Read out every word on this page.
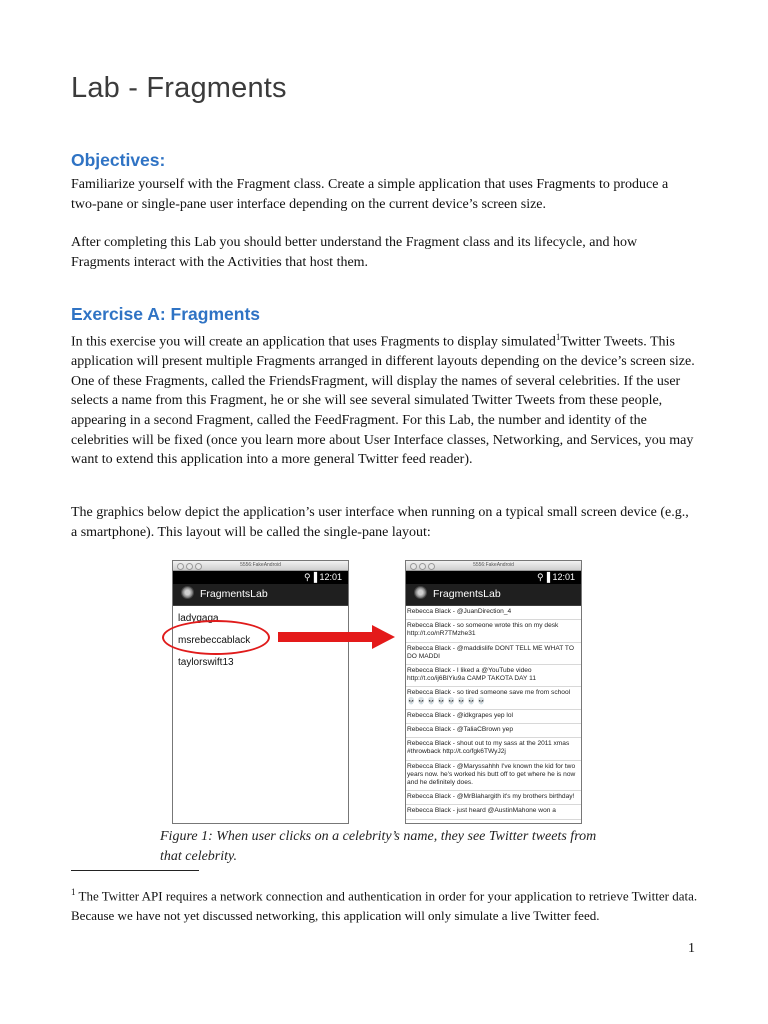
Lab - Fragments
Objectives:
Familiarize yourself with the Fragment class. Create a simple application that uses Fragments to produce a two-pane or single-pane user interface depending on the current device’s screen size.
After completing this Lab you should better understand the Fragment class and its lifecycle, and how Fragments interact with the Activities that host them.
Exercise A: Fragments
In this exercise you will create an application that uses Fragments to display simulated$^1$Twitter Tweets. This application will present multiple Fragments arranged in different layouts depending on the device’s screen size. One of these Fragments, called the FriendsFragment, will display the names of several celebrities. If the user selects a name from this Fragment, he or she will see several simulated Twitter Tweets from these people, appearing in a second Fragment, called the FeedFragment. For this Lab, the number and identity of the celebrities will be fixed (once you learn more about User Interface classes, Networking, and Services, you may want to extend this application into a more general Twitter feed reader).
The graphics below depict the application’s user interface when running on a typical small screen device (e.g., a smartphone). This layout will be called the single-pane layout:
5556:FakeAndroid
⚲▐ 12:01
FragmentsLab
ladygaga
msrebeccablack
taylorswift13
5556:FakeAndroid
⚲▐ 12:01
FragmentsLab
Rebecca Black - @JuanDirection_4
Rebecca Black - so someone wrote this on my desk http://t.co/nR7TMzhe31
Rebecca Black - @maddislife DONT TELL ME WHAT TO DO MADDI
Rebecca Black - I liked a @YouTube video http://t.co/ij6BlYiu9a CAMP TAKOTA DAY 11
Rebecca Black - so tired someone save me from school 💀 💀 💀 💀 💀 💀 💀 💀
Rebecca Black - @idkgrapes yep lol
Rebecca Black - @TaliaCBrown yep
Rebecca Black - shout out to my sass at the 2011 xmas #throwback http://t.co/fgk6TWyJ2j
Rebecca Black - @Maryssahhh I've known the kid for two years now. he's worked his butt off to get where he is now and he definitely does.
Rebecca Black - @MrBlahargith it's my brothers birthday!
Rebecca Black - just heard @AustinMahone won a
Figure 1: When user clicks on a celebrity’s name, they see Twitter tweets from that celebrity.
$^1$ The Twitter API requires a network connection and authentication in order for your application to retrieve Twitter data. Because we have not yet discussed networking, this application will only simulate a live Twitter feed.
1
